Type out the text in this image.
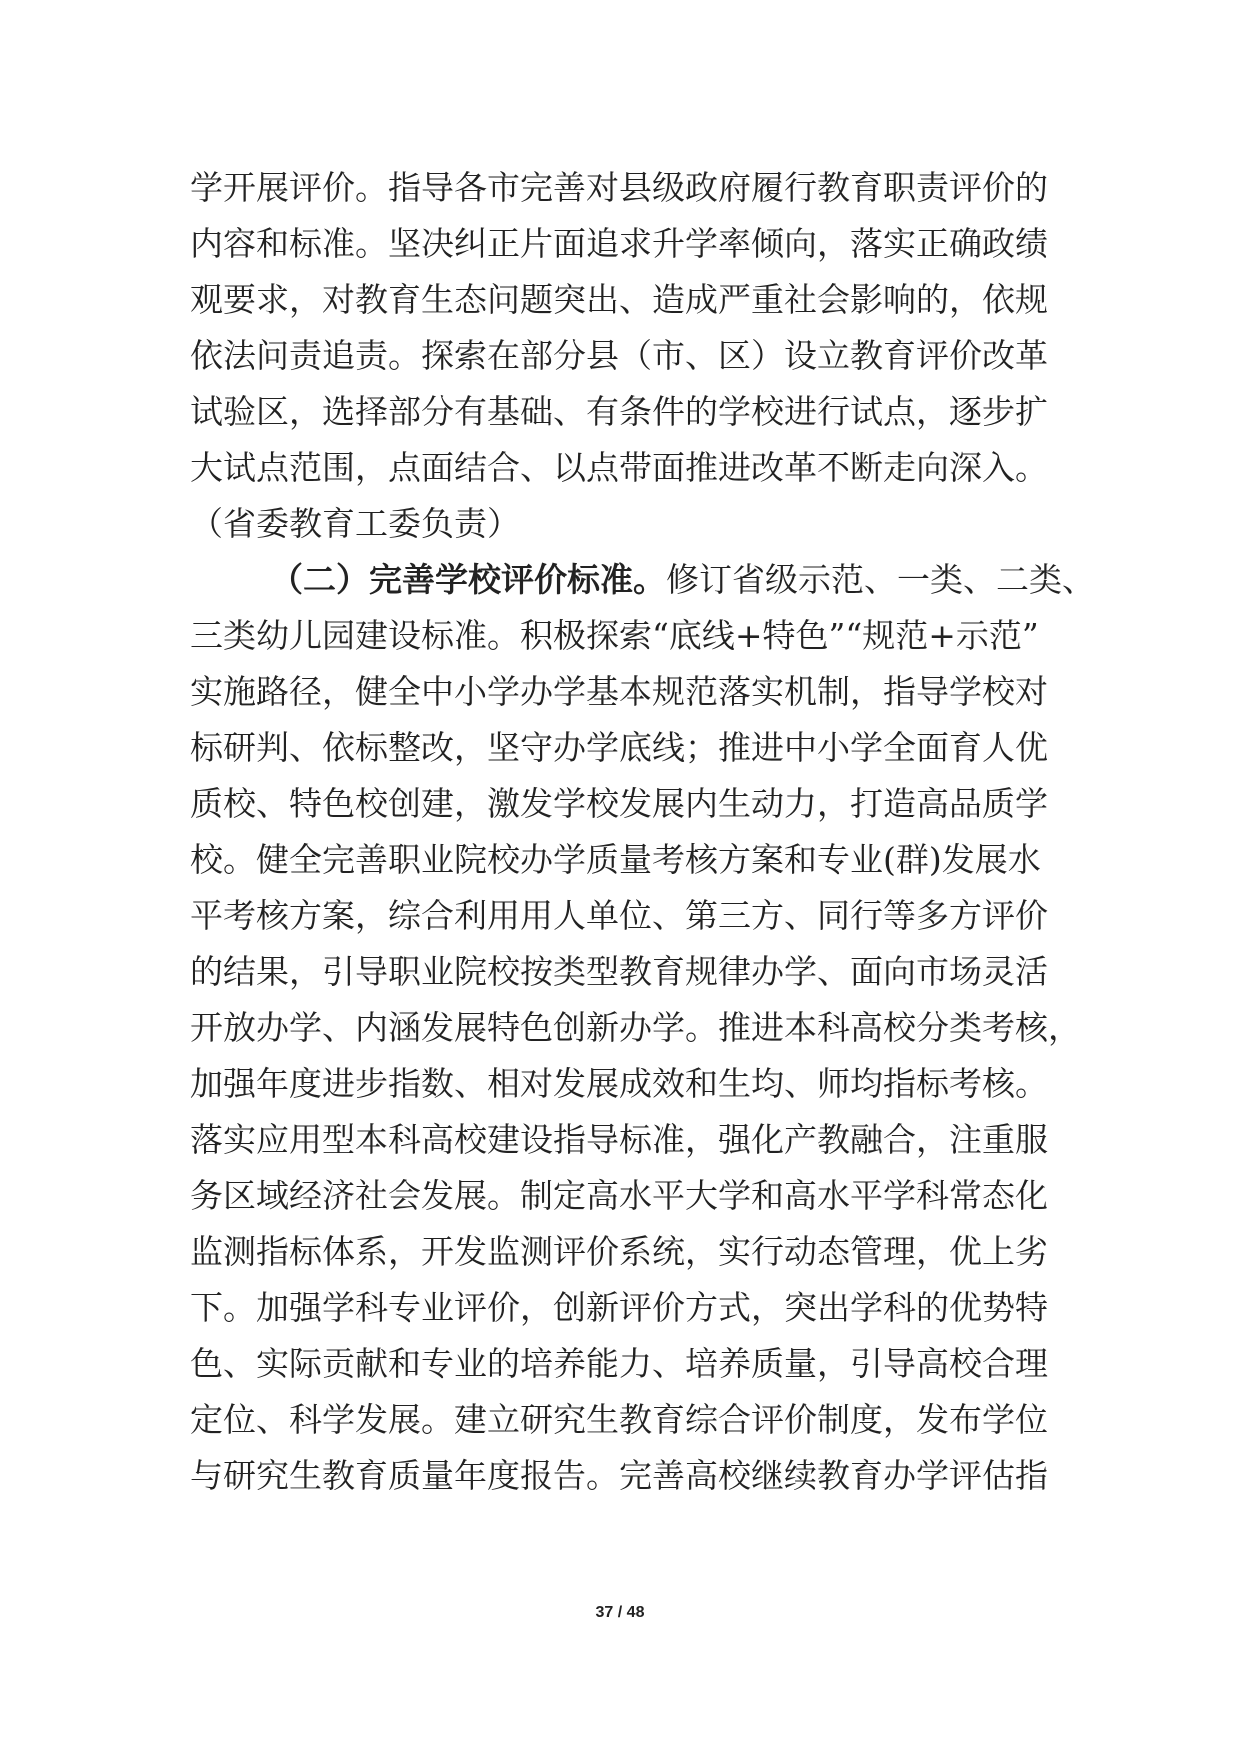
学开展评价。指导各市完善对县级政府履行教育职责评价的
内容和标准。坚决纠正片面追求升学率倾向，落实正确政绩
观要求，对教育生态问题突出、造成严重社会影响的，依规
依法问责追责。探索在部分县（市、区）设立教育评价改革
试验区，选择部分有基础、有条件的学校进行试点，逐步扩
大试点范围，点面结合、以点带面推进改革不断走向深入。
（省委教育工委负责）
（二）完善学校评价标准。修订省级示范、一类、二类、
三类幼儿园建设标准。积极探索“底线+特色”“规范+示范”
实施路径，健全中小学办学基本规范落实机制，指导学校对
标研判、依标整改，坚守办学底线；推进中小学全面育人优
质校、特色校创建，激发学校发展内生动力，打造高品质学
校。健全完善职业院校办学质量考核方案和专业(群)发展水
平考核方案，综合利用用人单位、第三方、同行等多方评价
的结果，引导职业院校按类型教育规律办学、面向市场灵活
开放办学、内涵发展特色创新办学。推进本科高校分类考核，
加强年度进步指数、相对发展成效和生均、师均指标考核。
落实应用型本科高校建设指导标准，强化产教融合，注重服
务区域经济社会发展。制定高水平大学和高水平学科常态化
监测指标体系，开发监测评价系统，实行动态管理，优上劣
下。加强学科专业评价，创新评价方式，突出学科的优势特
色、实际贡献和专业的培养能力、培养质量，引导高校合理
定位、科学发展。建立研究生教育综合评价制度，发布学位
与研究生教育质量年度报告。完善高校继续教育办学评估指
37 / 48
